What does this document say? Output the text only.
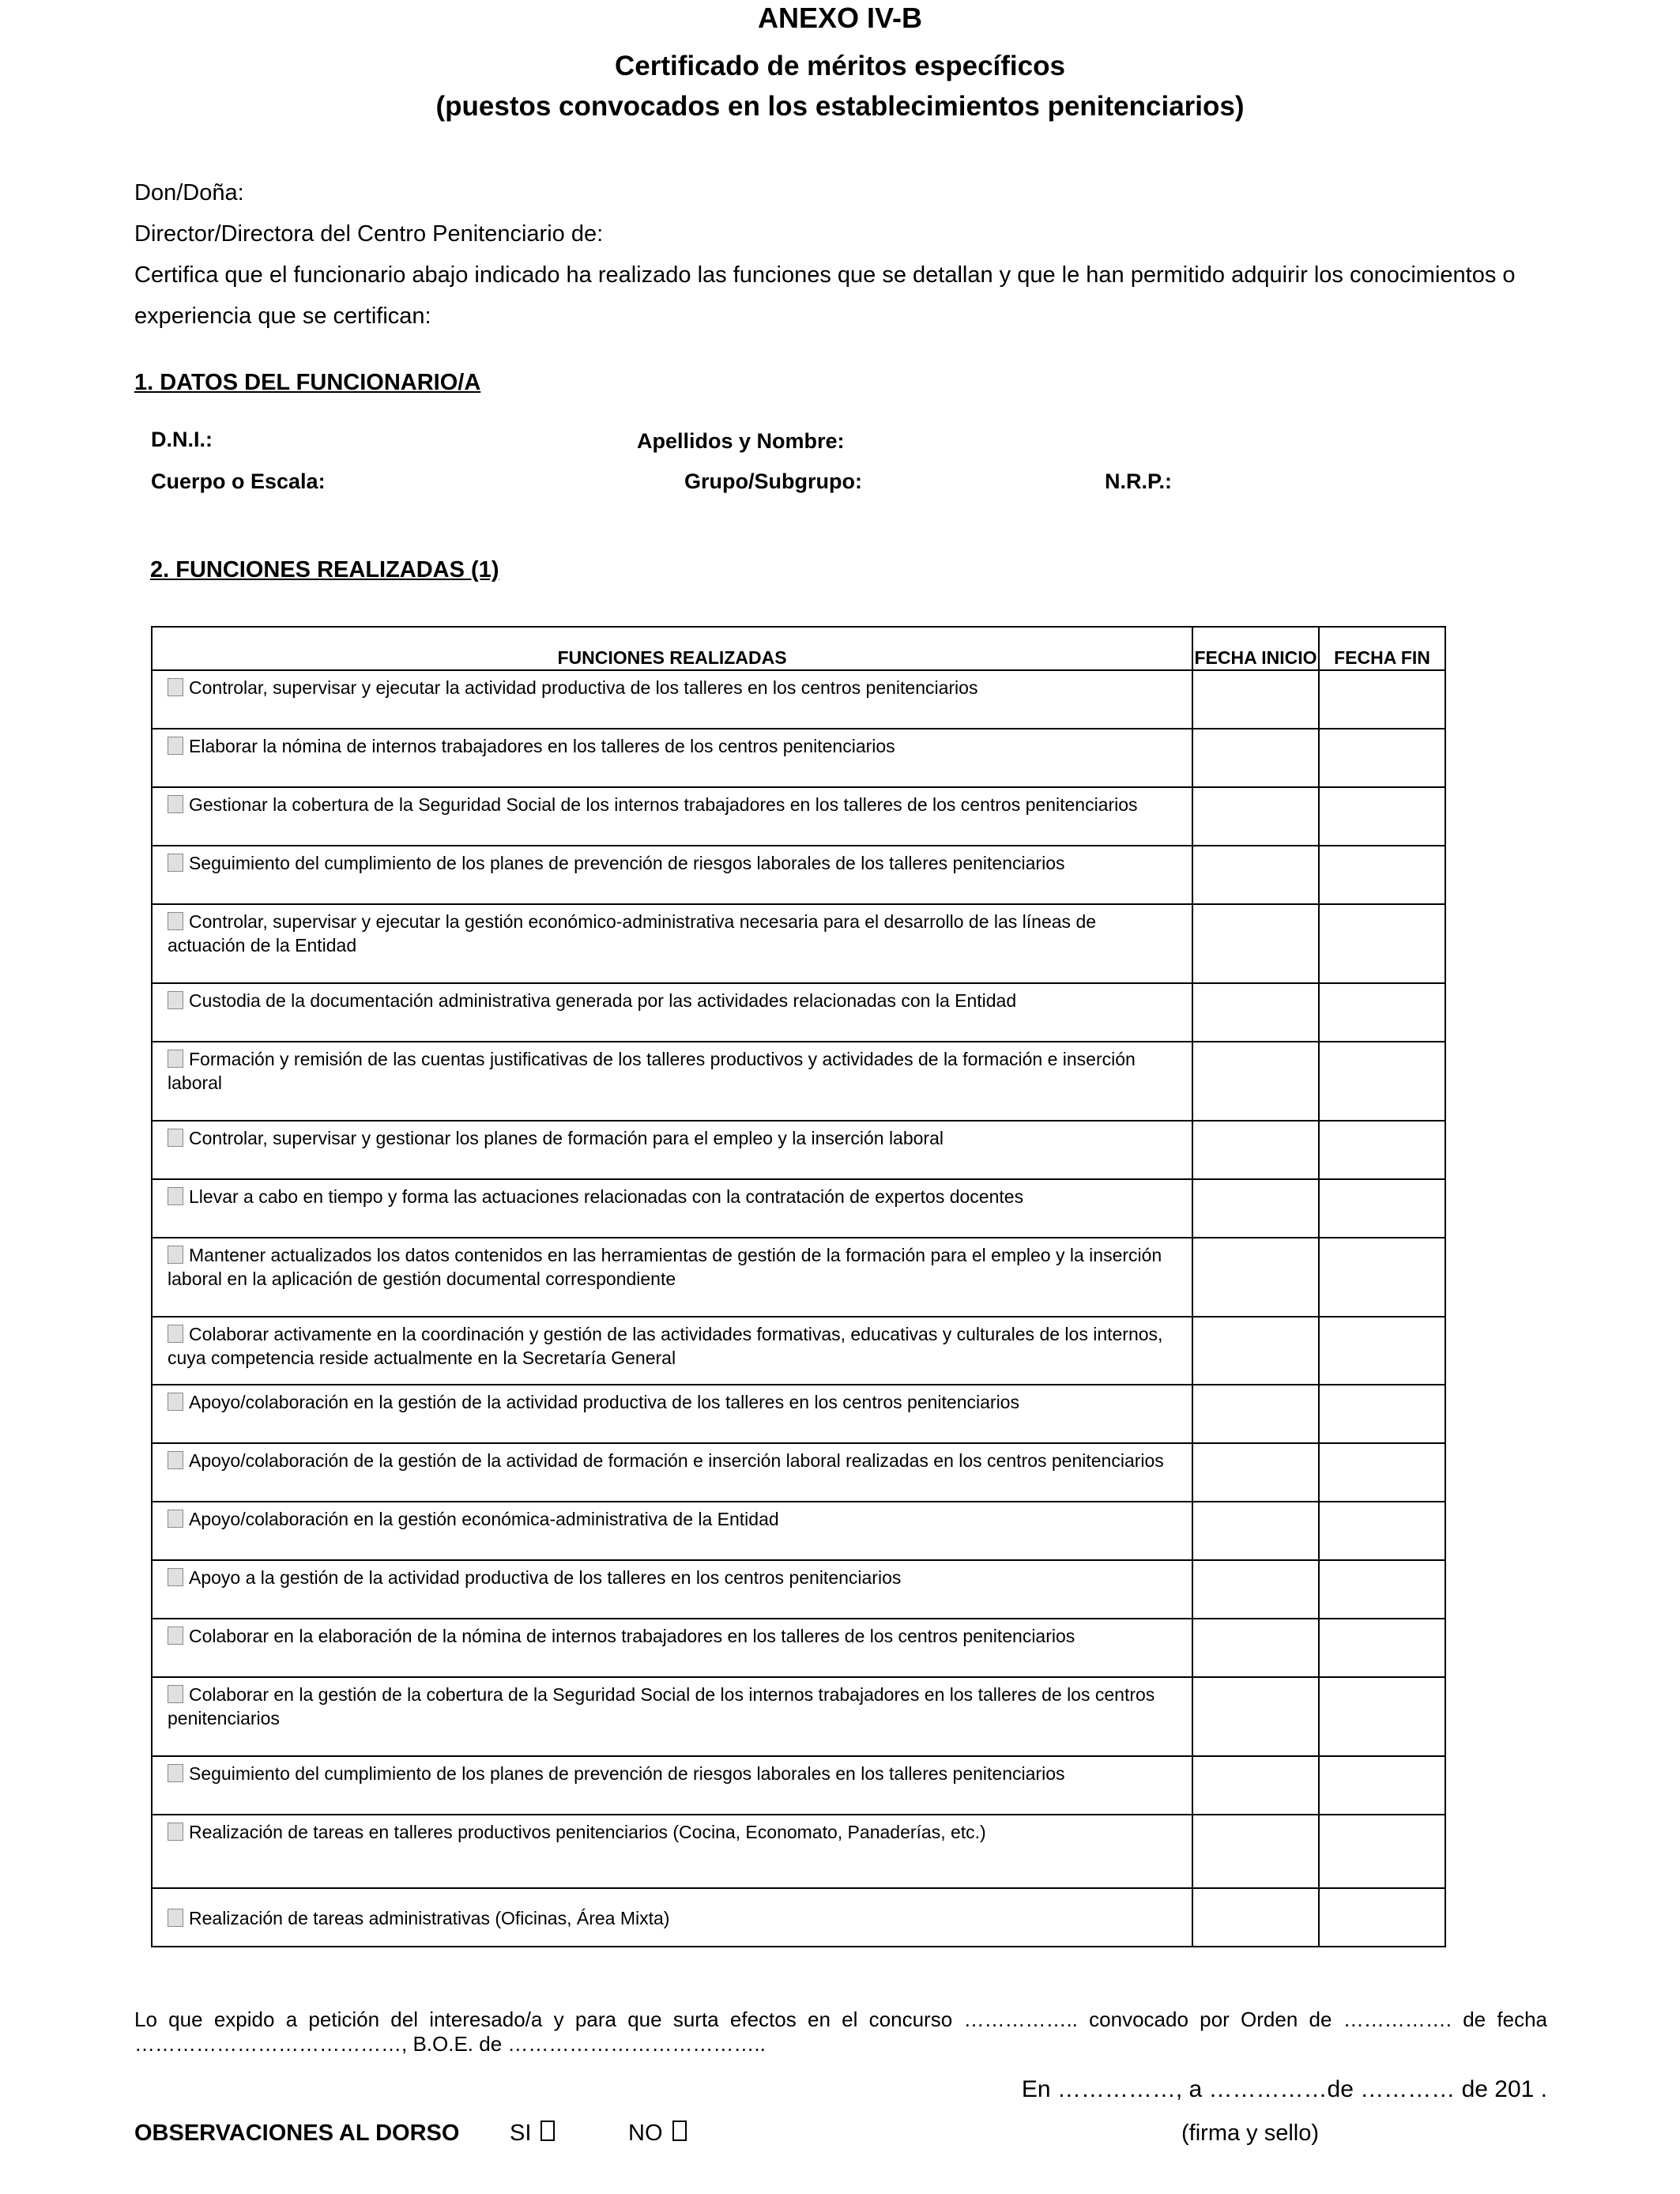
ANEXO IV-B
Certificado de méritos específicos
(puestos convocados en los establecimientos penitenciarios)

Don/Doña:

Director/Directora del Centro Penitenciario de:

Certifica que el funcionario abajo indicado ha realizado las funciones que se detallan y que le han permitido adquirir los conocimientos o experiencia que se certifican:

1. DATOS DEL FUNCIONARIO/A
D.N.I.:	Apellidos y Nombre:
Cuerpo o Escala:	Grupo/Subgrupo:	N.R.P.:
2. FUNCIONES REALIZADAS (1)
FUNCIONES REALIZADAS	FECHA INICIO	FECHA FIN
Controlar, supervisar y ejecutar la actividad productiva de los talleres en los centros penitenciarios		
Elaborar la nómina de internos trabajadores en los talleres de los centros penitenciarios		
Gestionar la cobertura de la Seguridad Social de los internos trabajadores en los talleres de los centros penitenciarios		
Seguimiento del cumplimiento de los planes de prevención de riesgos laborales de los talleres penitenciarios		
Controlar, supervisar y ejecutar la gestión económico-administrativa necesaria para el desarrollo de las líneas de actuación de la Entidad		
Custodia de la documentación administrativa generada por las actividades relacionadas con la Entidad		
Formación y remisión de las cuentas justificativas de los talleres productivos y actividades de la formación e inserción laboral		
Controlar, supervisar y gestionar los planes de formación para el empleo y la inserción laboral		
Llevar a cabo en tiempo y forma las actuaciones relacionadas con la contratación de expertos docentes		
Mantener actualizados los datos contenidos en las herramientas de gestión de la formación para el empleo y la inserción laboral en la aplicación de gestión documental correspondiente		
Colaborar activamente en la coordinación y gestión de las actividades formativas, educativas y culturales de los internos, cuya competencia reside actualmente en la Secretaría General		
Apoyo/colaboración en la gestión de la actividad productiva de los talleres en los centros penitenciarios		
Apoyo/colaboración de la gestión de la actividad de formación e inserción laboral realizadas en los centros penitenciarios		
Apoyo/colaboración en la gestión económica-administrativa de la Entidad		
Apoyo a la gestión de la actividad productiva de los talleres en los centros penitenciarios		
Colaborar en la elaboración de la nómina de internos trabajadores en los talleres de los centros penitenciarios		
Colaborar en la gestión de la cobertura de la Seguridad Social de los internos trabajadores en los talleres de los centros penitenciarios		
Seguimiento del cumplimiento de los planes de prevención de riesgos laborales en los talleres penitenciarios		
Realización de tareas en talleres productivos penitenciarios (Cocina, Economato, Panaderías, etc.)		
Realización de tareas administrativas (Oficinas, Área Mixta)		
Lo que expido a petición del interesado/a y para que surta efectos en el concurso …………….. convocado por Orden de ……………. de fecha …………………………………, B.O.E. de ………………………………..
En ……………, a ……………de ………… de 201 .
OBSERVACIONES AL DORSO SI	NO	(firma y sello)
